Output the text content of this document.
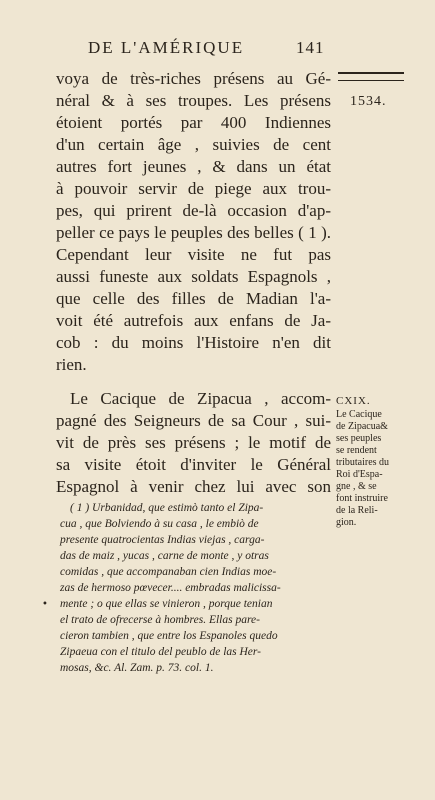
DE L'AMÉRIQUE	141
1534.
voya de très-riches présens au Gé-
néral & à ses troupes. Les présens
étoient portés par 400 Indiennes
d'un certain âge , suivies de cent
autres fort jeunes , & dans un état
à pouvoir servir de piege aux trou-
pes, qui prirent de-là occasion d'ap-
peller ce pays le peuples des belles ( 1 ).
Cependant leur visite ne fut pas
aussi funeste aux soldats Espagnols ,
que celle des filles de Madian l'a-
voit été autrefois aux enfans de Ja-
cob : du moins l'Histoire n'en dit
rien.
Le Cacique de Zipacua , accom-
pagné des Seigneurs de sa Cour , sui-
vit de près ses présens ; le motif de
sa visite étoit d'inviter le Général
Espagnol à venir chez lui avec son
CXIX.
Le Cacique
de Zipacua&
ses peuples
se rendent
tributaires du
Roi d'Espa-
gne , & se
font instruire
de la Reli-
gion.
( 1 ) Urbanidad, que estimò tanto el Zipa-
cua , que Bolviendo à su casa , le embiò de
presente quatrocientas Indias viejas , carga-
das de maiz , yucas , carne de monte , y otras
comidas , que accompanaban cien Indias moe-
zas de hermoso pœvecer.... embradas malicissa-
mente ; o que ellas se vinieron , porque tenian
el trato de ofrecerse à hombres. Ellas pare-
cieron tambien , que entre los Espanoles quedo
Zipaeua con el titulo del peublo de las Her-
mosas, &c. Al. Zam. p. 73. col. 1.
•
